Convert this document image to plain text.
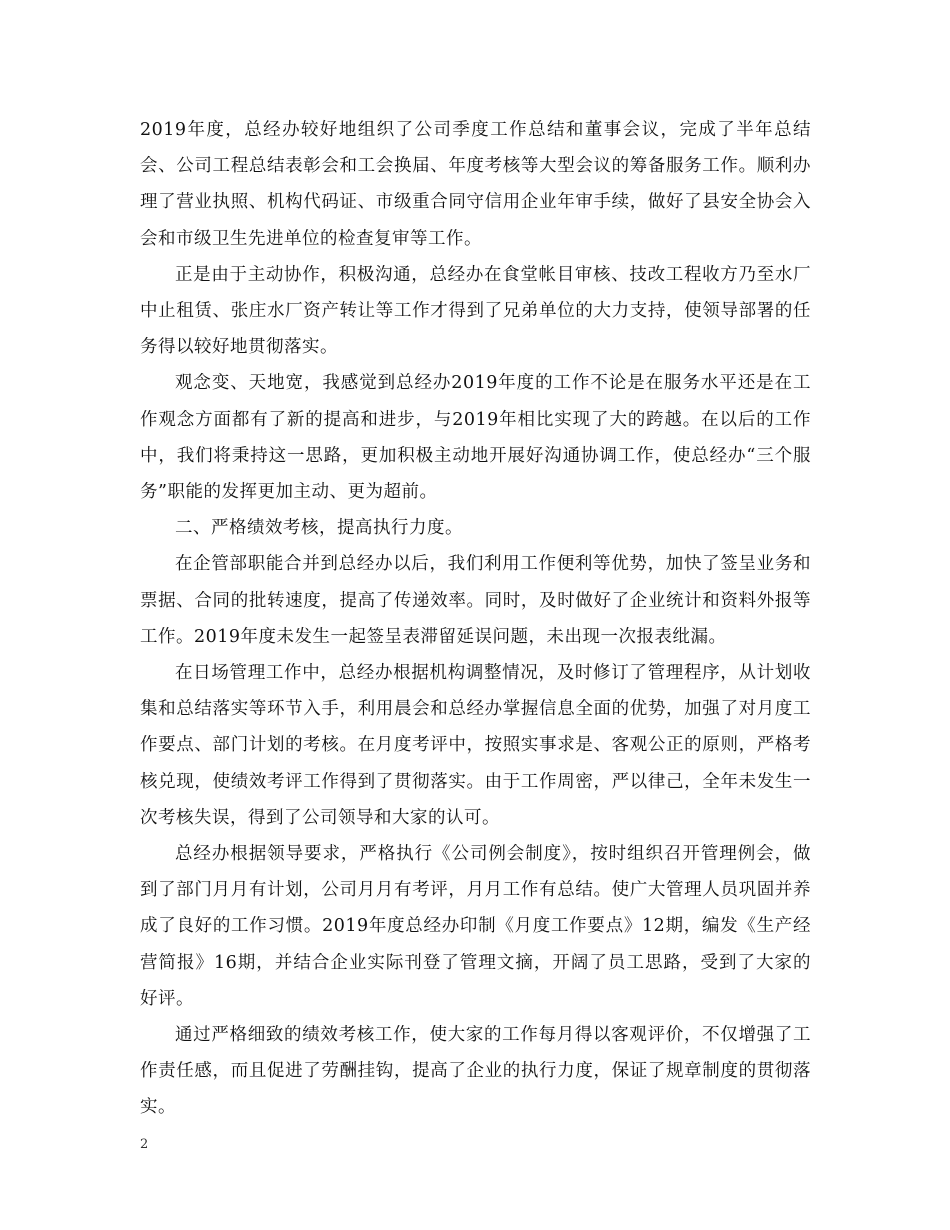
2019年度，总经办较好地组织了公司季度工作总结和董事会议，完成了半年总结会、公司工程总结表彰会和工会换届、年度考核等大型会议的筹备服务工作。顺利办理了营业执照、机构代码证、市级重合同守信用企业年审手续，做好了县安全协会入会和市级卫生先进单位的检查复审等工作。

正是由于主动协作，积极沟通，总经办在食堂帐目审核、技改工程收方乃至水厂中止租赁、张庄水厂资产转让等工作才得到了兄弟单位的大力支持，使领导部署的任务得以较好地贯彻落实。

观念变、天地宽，我感觉到总经办2019年度的工作不论是在服务水平还是在工作观念方面都有了新的提高和进步，与2019年相比实现了大的跨越。在以后的工作中，我们将秉持这一思路，更加积极主动地开展好沟通协调工作，使总经办“三个服务”职能的发挥更加主动、更为超前。

二、严格绩效考核，提高执行力度。

在企管部职能合并到总经办以后，我们利用工作便利等优势，加快了签呈业务和票据、合同的批转速度，提高了传递效率。同时，及时做好了企业统计和资料外报等工作。2019年度未发生一起签呈表滞留延误问题，未出现一次报表纰漏。

在日场管理工作中，总经办根据机构调整情况，及时修订了管理程序，从计划收集和总结落实等环节入手，利用晨会和总经办掌握信息全面的优势，加强了对月度工作要点、部门计划的考核。在月度考评中，按照实事求是、客观公正的原则，严格考核兑现，使绩效考评工作得到了贯彻落实。由于工作周密，严以律己，全年未发生一次考核失误，得到了公司领导和大家的认可。

总经办根据领导要求，严格执行《公司例会制度》，按时组织召开管理例会，做到了部门月月有计划，公司月月有考评，月月工作有总结。使广大管理人员巩固并养成了良好的工作习惯。2019年度总经办印制《月度工作要点》12期，编发《生产经营简报》16期，并结合企业实际刊登了管理文摘，开阔了员工思路，受到了大家的好评。

通过严格细致的绩效考核工作，使大家的工作每月得以客观评价，不仅增强了工作责任感，而且促进了劳酬挂钩，提高了企业的执行力度，保证了规章制度的贯彻落实。

2
